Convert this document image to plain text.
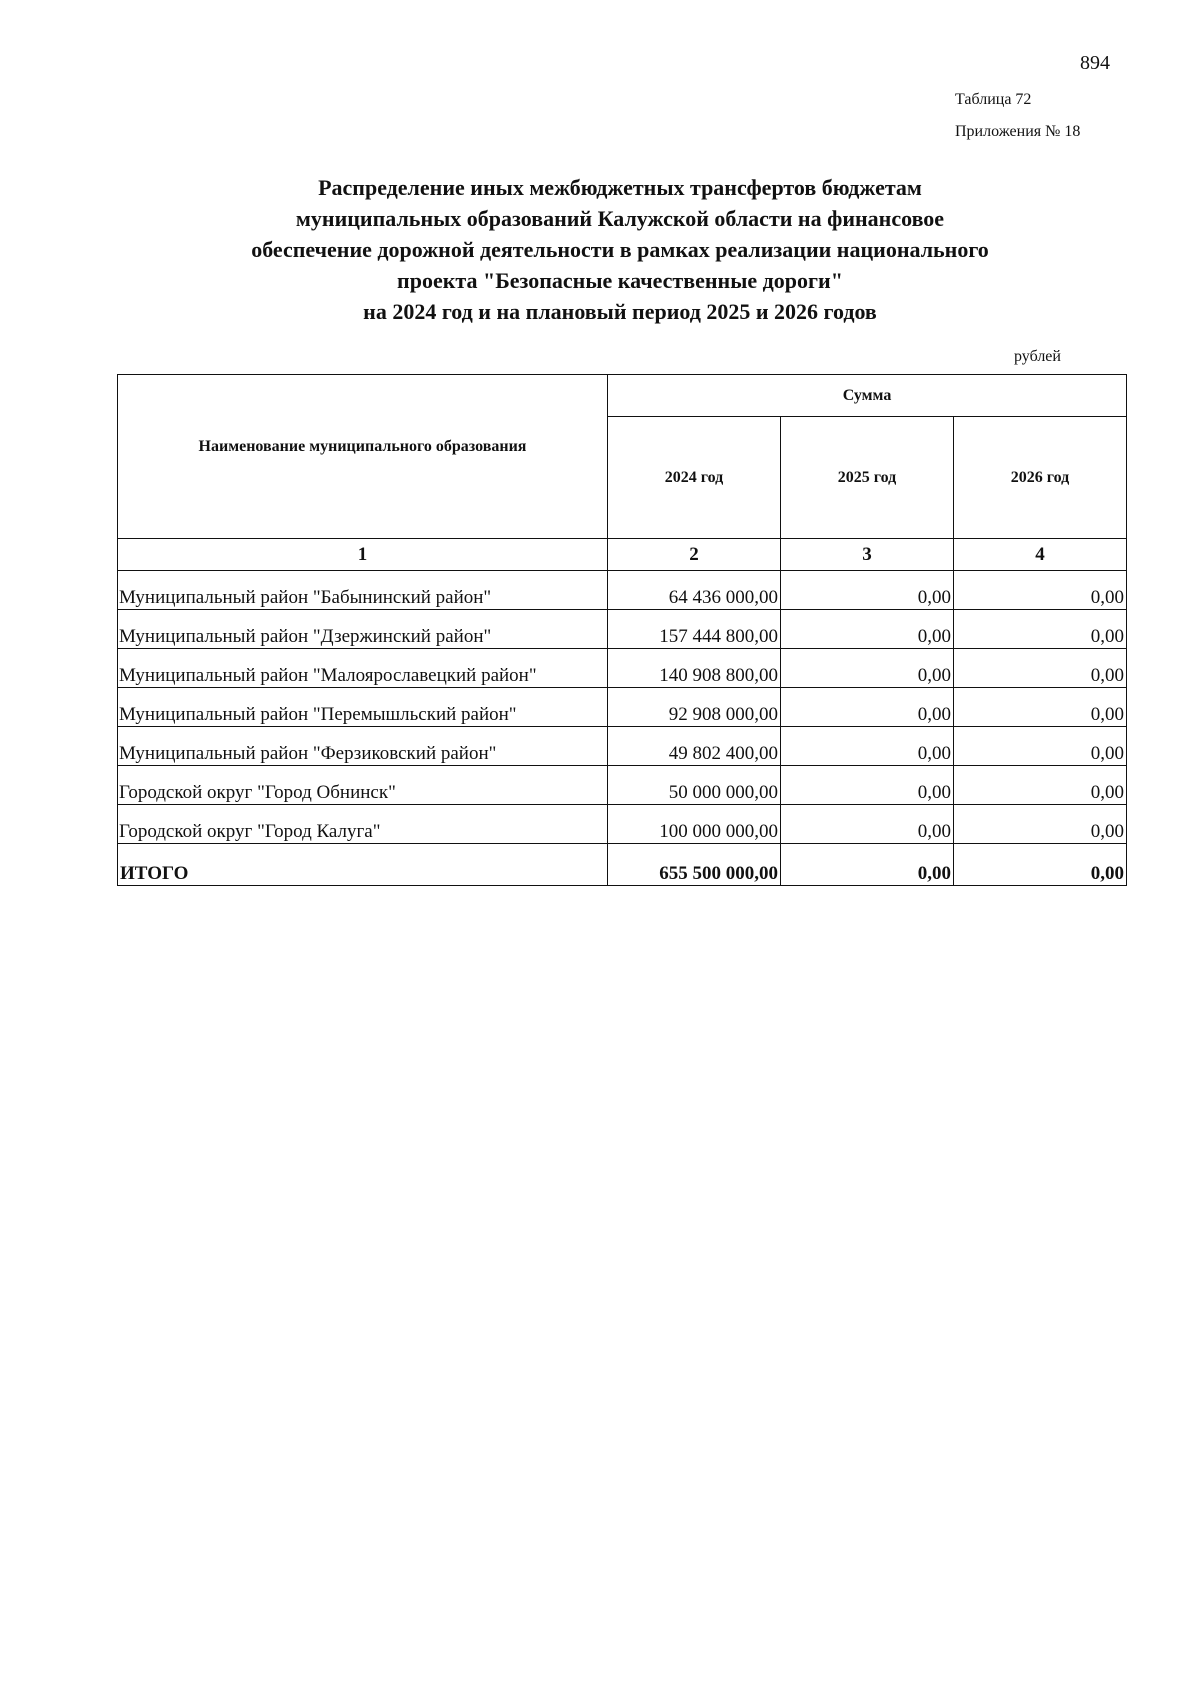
894
Таблица 72
Приложения № 18
Распределение иных межбюджетных трансфертов бюджетам
муниципальных образований Калужской области на финансовое
обеспечение дорожной деятельности в рамках реализации национального
проекта "Безопасные качественные дороги"
на 2024 год и на плановый период 2025 и 2026 годов
рублей
Наименование муниципального образования	Сумма		
	2024 год	2025 год	2026 год
1	2	3	4
Муниципальный район "Бабынинский район"	64 436 000,00	0,00	0,00
Муниципальный район "Дзержинский район"	157 444 800,00	0,00	0,00
Муниципальный район "Малоярославецкий район"	140 908 800,00	0,00	0,00
Муниципальный район "Перемышльский район"	92 908 000,00	0,00	0,00
Муниципальный район "Ферзиковский район"	49 802 400,00	0,00	0,00
Городской округ "Город Обнинск"	50 000 000,00	0,00	0,00
Городской округ "Город Калуга"	100 000 000,00	0,00	0,00
ИТОГО	655 500 000,00	0,00	0,00
